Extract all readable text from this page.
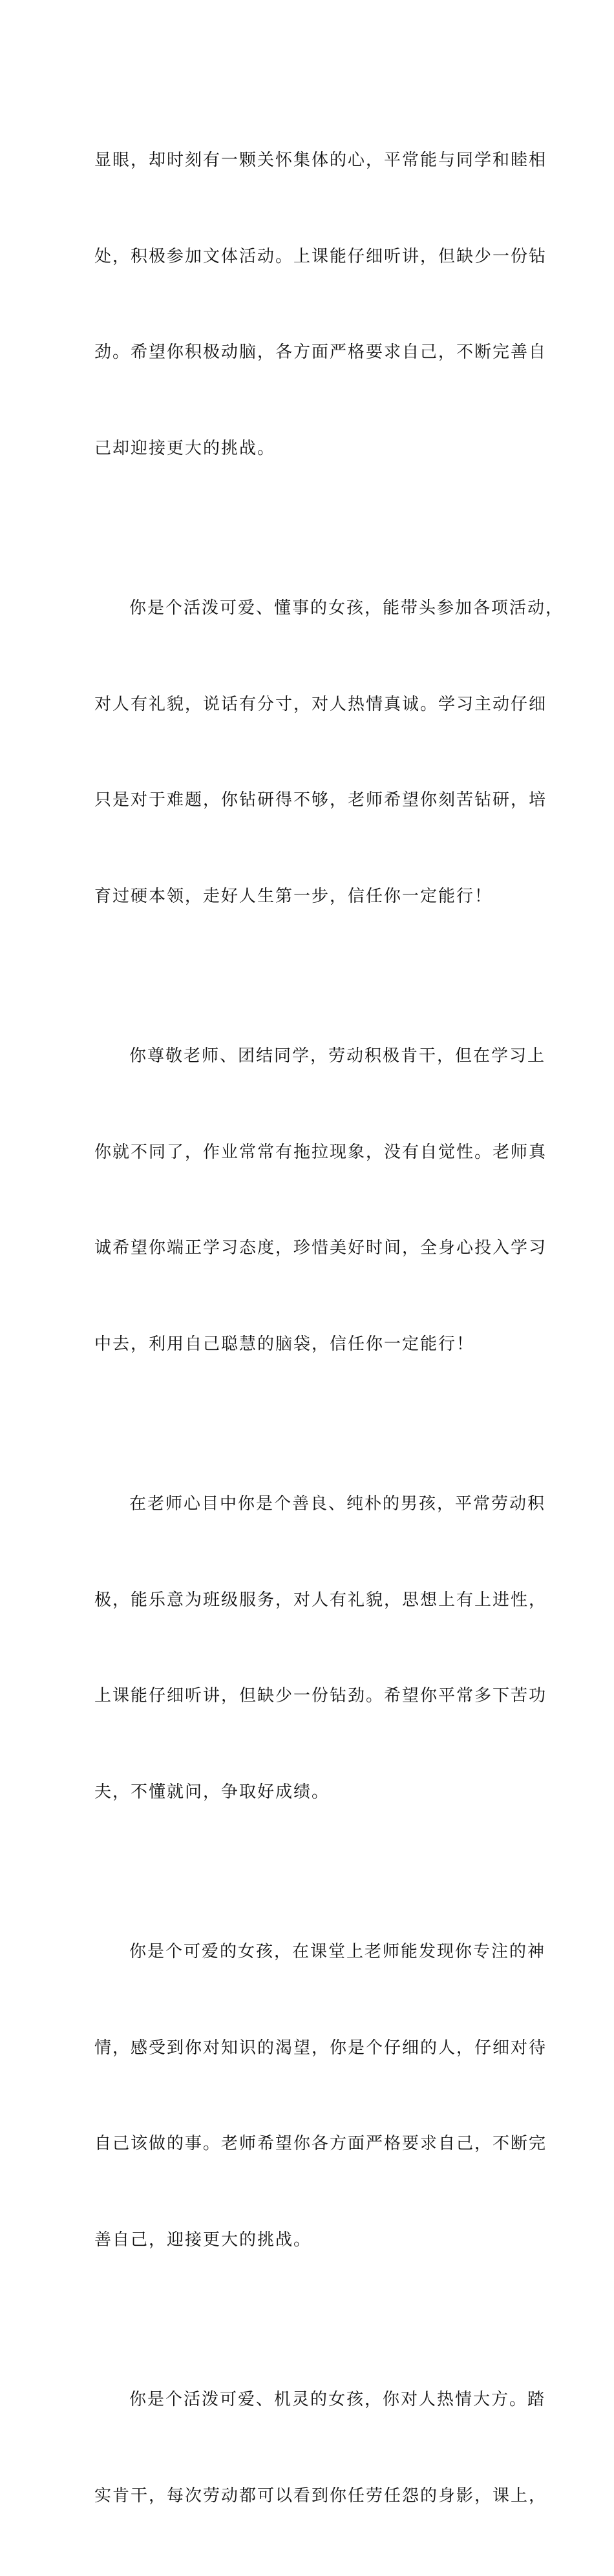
显眼，却时刻有一颗关怀集体的心，平常能与同学和睦相

处，积极参加文体活动。上课能仔细听讲，但缺少一份钻

劲。希望你积极动脑，各方面严格要求自己，不断完善自

己却迎接更大的挑战。

你是个活泼可爱、懂事的女孩，能带头参加各项活动，

对人有礼貌，说话有分寸，对人热情真诚。学习主动仔细

只是对于难题，你钻研得不够，老师希望你刻苦钻研，培

育过硬本领，走好人生第一步，信任你一定能行！

你尊敬老师、团结同学，劳动积极肯干，但在学习上

你就不同了，作业常常有拖拉现象，没有自觉性。老师真

诚希望你端正学习态度，珍惜美好时间，全身心投入学习

中去，利用自己聪慧的脑袋，信任你一定能行！

在老师心目中你是个善良、纯朴的男孩，平常劳动积

极，能乐意为班级服务，对人有礼貌，思想上有上进性，

上课能仔细听讲，但缺少一份钻劲。希望你平常多下苦功

夫，不懂就问，争取好成绩。

你是个可爱的女孩，在课堂上老师能发现你专注的神

情，感受到你对知识的渴望，你是个仔细的人，仔细对待

自己该做的事。老师希望你各方面严格要求自己，不断完

善自己，迎接更大的挑战。

你是个活泼可爱、机灵的女孩，你对人热情大方。踏

实肯干，每次劳动都可以看到你任劳任怨的身影，课上，
